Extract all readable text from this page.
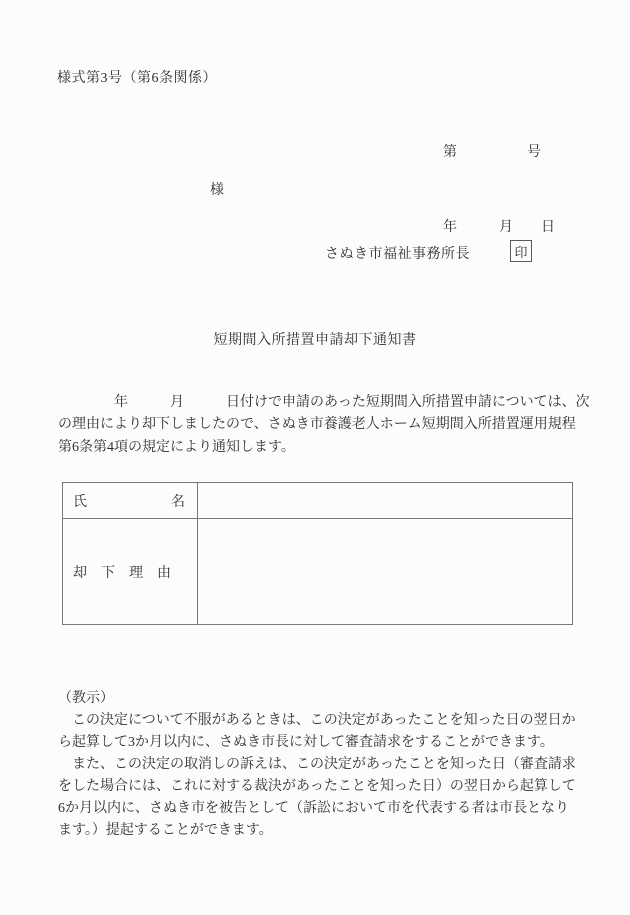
様式第3号（第6条関係）

第　　　　　号

年　　　月　　日

様
さぬき市福祉事務所長	印
短期間入所措置申請却下通知書
　　　　年　　　月　　　日付けで申請のあった短期間入所措置申請については、次
の理由により却下しましたので、さぬき市養護老人ホーム短期間入所措置運用規程
第6条第4項の規定により通知します。
氏　　　　　　名
却　下　理　由
（教示）
　この決定について不服があるときは、この決定があったことを知った日の翌日か
ら起算して3か月以内に、さぬき市長に対して審査請求をすることができます。
　また、この決定の取消しの訴えは、この決定があったことを知った日（審査請求
をした場合には、これに対する裁決があったことを知った日）の翌日から起算して
6か月以内に、さぬき市を被告として（訴訟において市を代表する者は市長となり
ます。）提起することができます。
